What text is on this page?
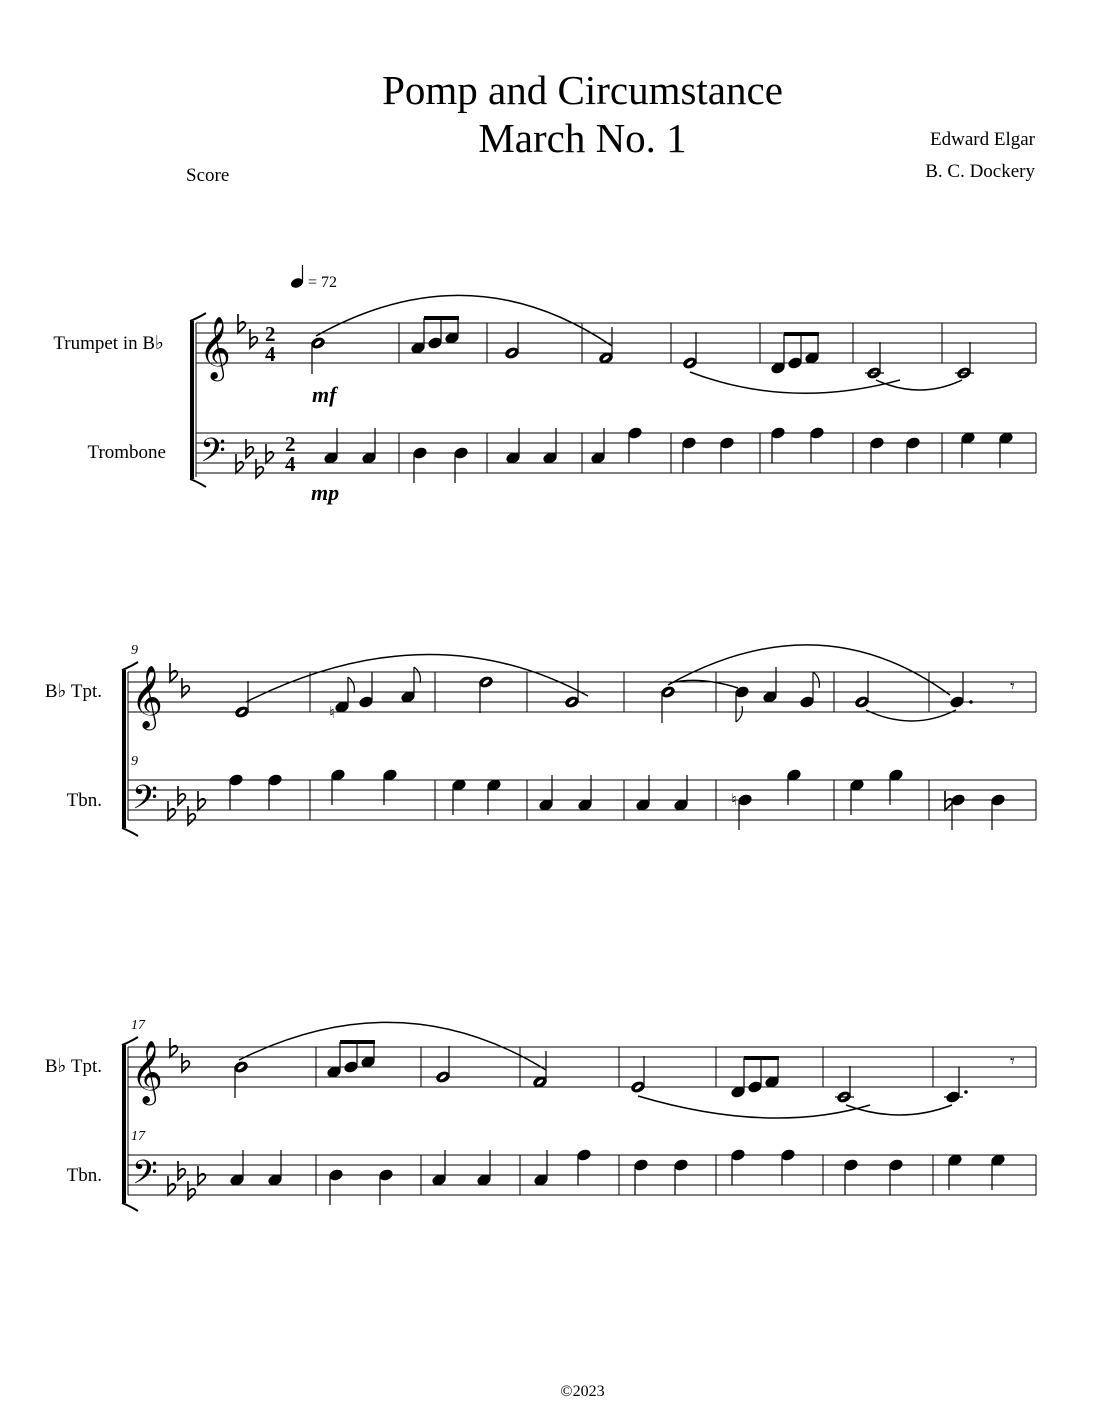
Pomp and Circumstance
March No. 1	Edward Elgar
B. C. Dockery
Score
= 72
Trumpet in B♭
Trombone
𝄞
𝄢
2
4
2
4
mf
mp
9
9
B♭ Tpt.
Tbn.
𝄞
𝄢
♮
𝄾
♮
17
17
B♭ Tpt.
Tbn.
𝄞
𝄢
𝄾
©2023
